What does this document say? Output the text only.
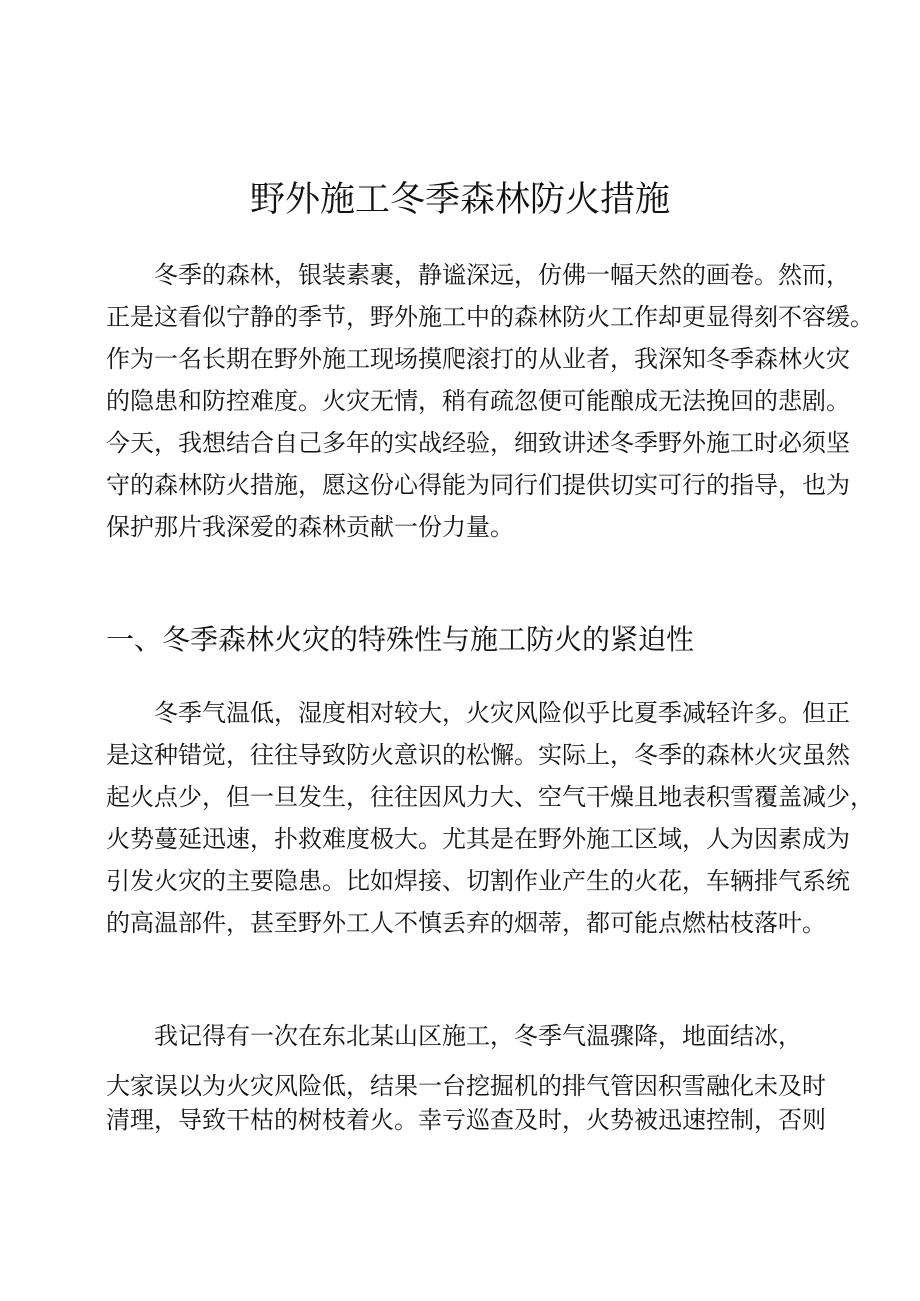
野外施工冬季森林防火措施
冬季的森林，银装素裹，静谧深远，仿佛一幅天然的画卷。然而，
正是这看似宁静的季节，野外施工中的森林防火工作却更显得刻不容缓。
作为一名长期在野外施工现场摸爬滚打的从业者，我深知冬季森林火灾
的隐患和防控难度。火灾无情，稍有疏忽便可能酿成无法挽回的悲剧。
今天，我想结合自己多年的实战经验，细致讲述冬季野外施工时必须坚
守的森林防火措施，愿这份心得能为同行们提供切实可行的指导，也为
保护那片我深爱的森林贡献一份力量。
一、冬季森林火灾的特殊性与施工防火的紧迫性
冬季气温低，湿度相对较大，火灾风险似乎比夏季减轻许多。但正
是这种错觉，往往导致防火意识的松懈。实际上，冬季的森林火灾虽然
起火点少，但一旦发生，往往因风力大、空气干燥且地表积雪覆盖减少，
火势蔓延迅速，扑救难度极大。尤其是在野外施工区域，人为因素成为
引发火灾的主要隐患。比如焊接、切割作业产生的火花，车辆排气系统
的高温部件，甚至野外工人不慎丢弃的烟蒂，都可能点燃枯枝落叶。
我记得有一次在东北某山区施工，冬季气温骤降，地面结冰，
大家误以为火灾风险低，结果一台挖掘机的排气管因积雪融化未及时
清理，导致干枯的树枝着火。幸亏巡查及时，火势被迅速控制，否则
